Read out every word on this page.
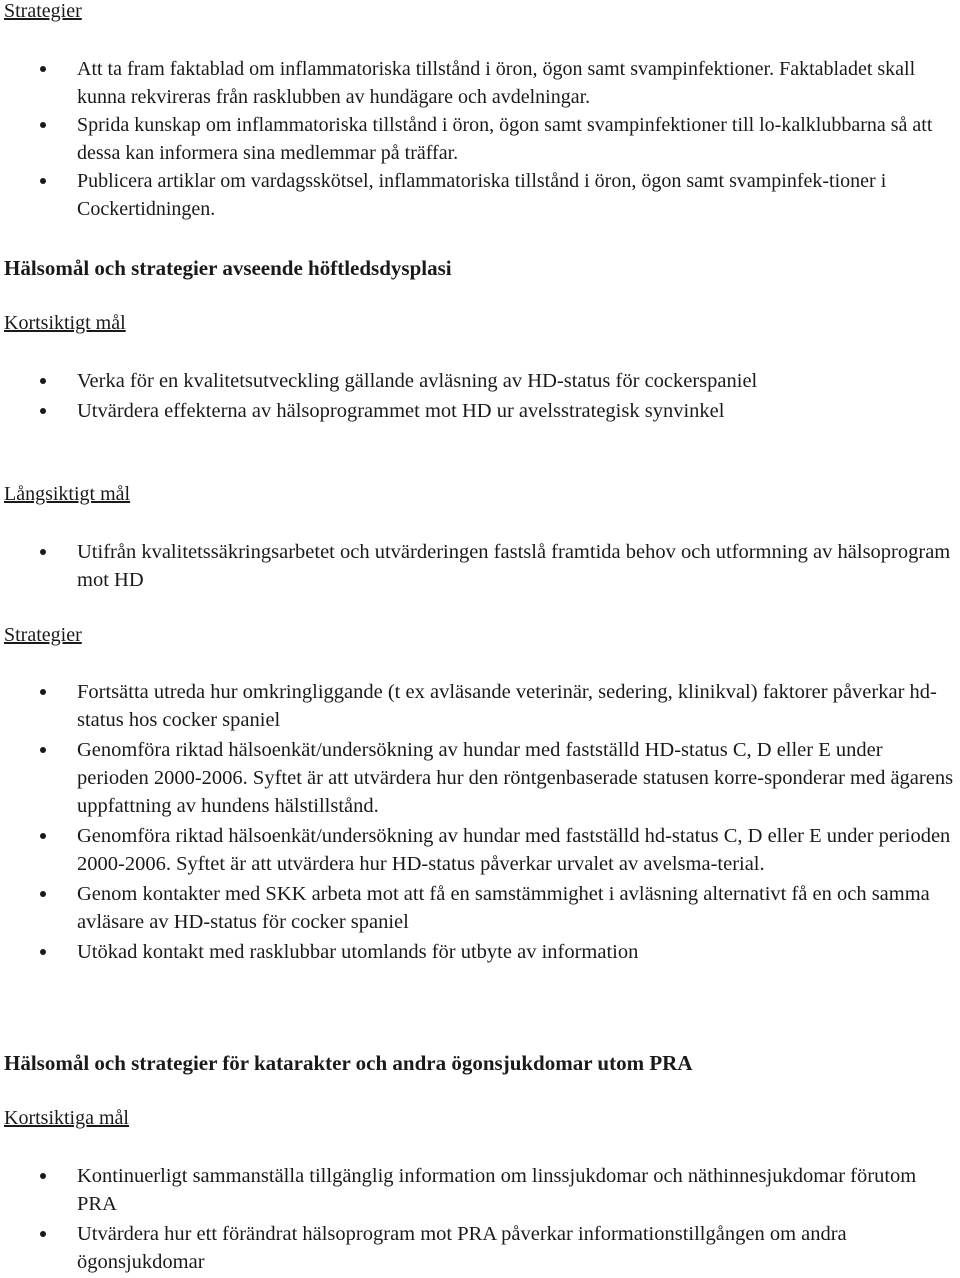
Strategier
Att ta fram faktablad om inflammatoriska tillstånd i öron, ögon samt svampinfektioner. Faktabladet skall kunna rekvireras från rasklubben av hundägare och avdelningar.
Sprida kunskap om inflammatoriska tillstånd i öron, ögon samt svampinfektioner till lo-kalklubbarna så att dessa kan informera sina medlemmar på träffar.
Publicera artiklar om vardagsskötsel, inflammatoriska tillstånd i öron, ögon samt svampinfek-tioner i Cockertidningen.
Hälsomål och strategier avseende höftledsdysplasi
Kortsiktigt mål
Verka för en kvalitetsutveckling gällande avläsning av HD-status för cockerspaniel
Utvärdera effekterna av hälsoprogrammet mot HD ur avelsstrategisk synvinkel
Långsiktigt mål
Utifrån kvalitetssäkringsarbetet och utvärderingen fastslå framtida behov och utformning av hälsoprogram mot HD
Strategier
Fortsätta utreda hur omkringliggande (t ex avläsande veterinär, sedering, klinikval) faktorer påverkar hd-status hos cocker spaniel
Genomföra riktad hälsoenkät/undersökning av hundar med fastställd HD-status C, D eller E under perioden 2000-2006. Syftet är att utvärdera hur den röntgenbaserade statusen korre-sponderar med ägarens uppfattning av hundens hälstillstånd.
Genomföra riktad hälsoenkät/undersökning av hundar med fastställd hd-status C, D eller E under perioden 2000-2006. Syftet är att utvärdera hur HD-status påverkar urvalet av avelsma-terial.
Genom kontakter med SKK arbeta mot att få en samstämmighet i avläsning alternativt få en och samma avläsare av HD-status för cocker spaniel
Utökad kontakt med rasklubbar utomlands för utbyte av information
Hälsomål och strategier för katarakter och andra ögonsjukdomar utom PRA
Kortsiktiga mål
Kontinuerligt sammanställa tillgänglig information om linssjukdomar och näthinnesjukdomar förutom PRA
Utvärdera hur ett förändrat hälsoprogram mot PRA påverkar informationstillgången om andra ögonsjukdomar
